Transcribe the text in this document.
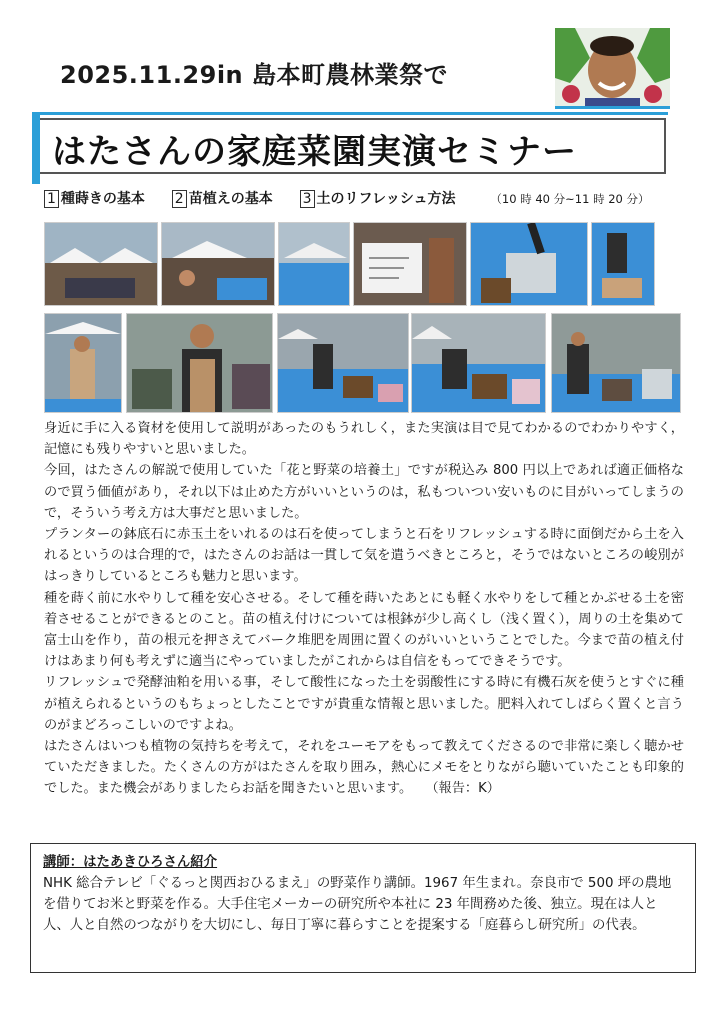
2025.11.29in 島本町農林業祭で
はたさんの家庭菜園実演セミナー
1 種蒔きの基本 2 苗植えの基本 3 土のリフレッシュ方法	（10 時 40 分~11 時 20 分）

身近に手に入る資材を使用して説明があったのもうれしく，また実演は目で見てわかるのでわかりやすく，記憶にも残りやすいと思いました。

今回，はたさんの解説で使用していた「花と野菜の培養土」ですが税込み 800 円以上であれば適正価格なので買う価値があり，それ以下は止めた方がいいというのは，私もついつい安いものに目がいってしまうので，そういう考え方は大事だと思いました。

プランターの鉢底石に赤玉土をいれるのは石を使ってしまうと石をリフレッシュする時に面倒だから土を入れるというのは合理的で，はたさんのお話は一貫して気を遣うべきところと，そうではないところの峻別がはっきりしているところも魅力と思います。

種を蒔く前に水やりして種を安心させる。そして種を蒔いたあとにも軽く水やりをして種とかぶせる土を密着させることができるとのこと。苗の植え付けについては根鉢が少し高くし（浅く置く），周りの土を集めて富士山を作り，苗の根元を押さえてバーク堆肥を周囲に置くのがいいということでした。今まで苗の植え付けはあまり何も考えずに適当にやっていましたがこれからは自信をもってできそうです。

リフレッシュで発酵油粕を用いる事，そして酸性になった土を弱酸性にする時に有機石灰を使うとすぐに種が植えられるというのもちょっとしたことですが貴重な情報と思いました。肥料入れてしばらく置くと言うのがまどろっこしいのですよね。

はたさんはいつも植物の気持ちを考えて，それをユーモアをもって教えてくださるので非常に楽しく聴かせていただきました。たくさんの方がはたさんを取り囲み，熱心にメモをとりながら聴いていたことも印象的でした。また機会がありましたらお話を聞きたいと思います。　　（報告：K）

講師：はたあきひろさん紹介
NHK 総合テレビ「ぐるっと関西おひるまえ」の野菜作り講師。1967 年生まれ。奈良市で 500 坪の農地を借りてお米と野菜を作る。大手住宅メーカーの研究所や本社に 23 年間務めた後、独立。現在は人と人、人と自然のつながりを大切にし、毎日丁寧に暮らすことを提案する「庭暮らし研究所」の代表。
